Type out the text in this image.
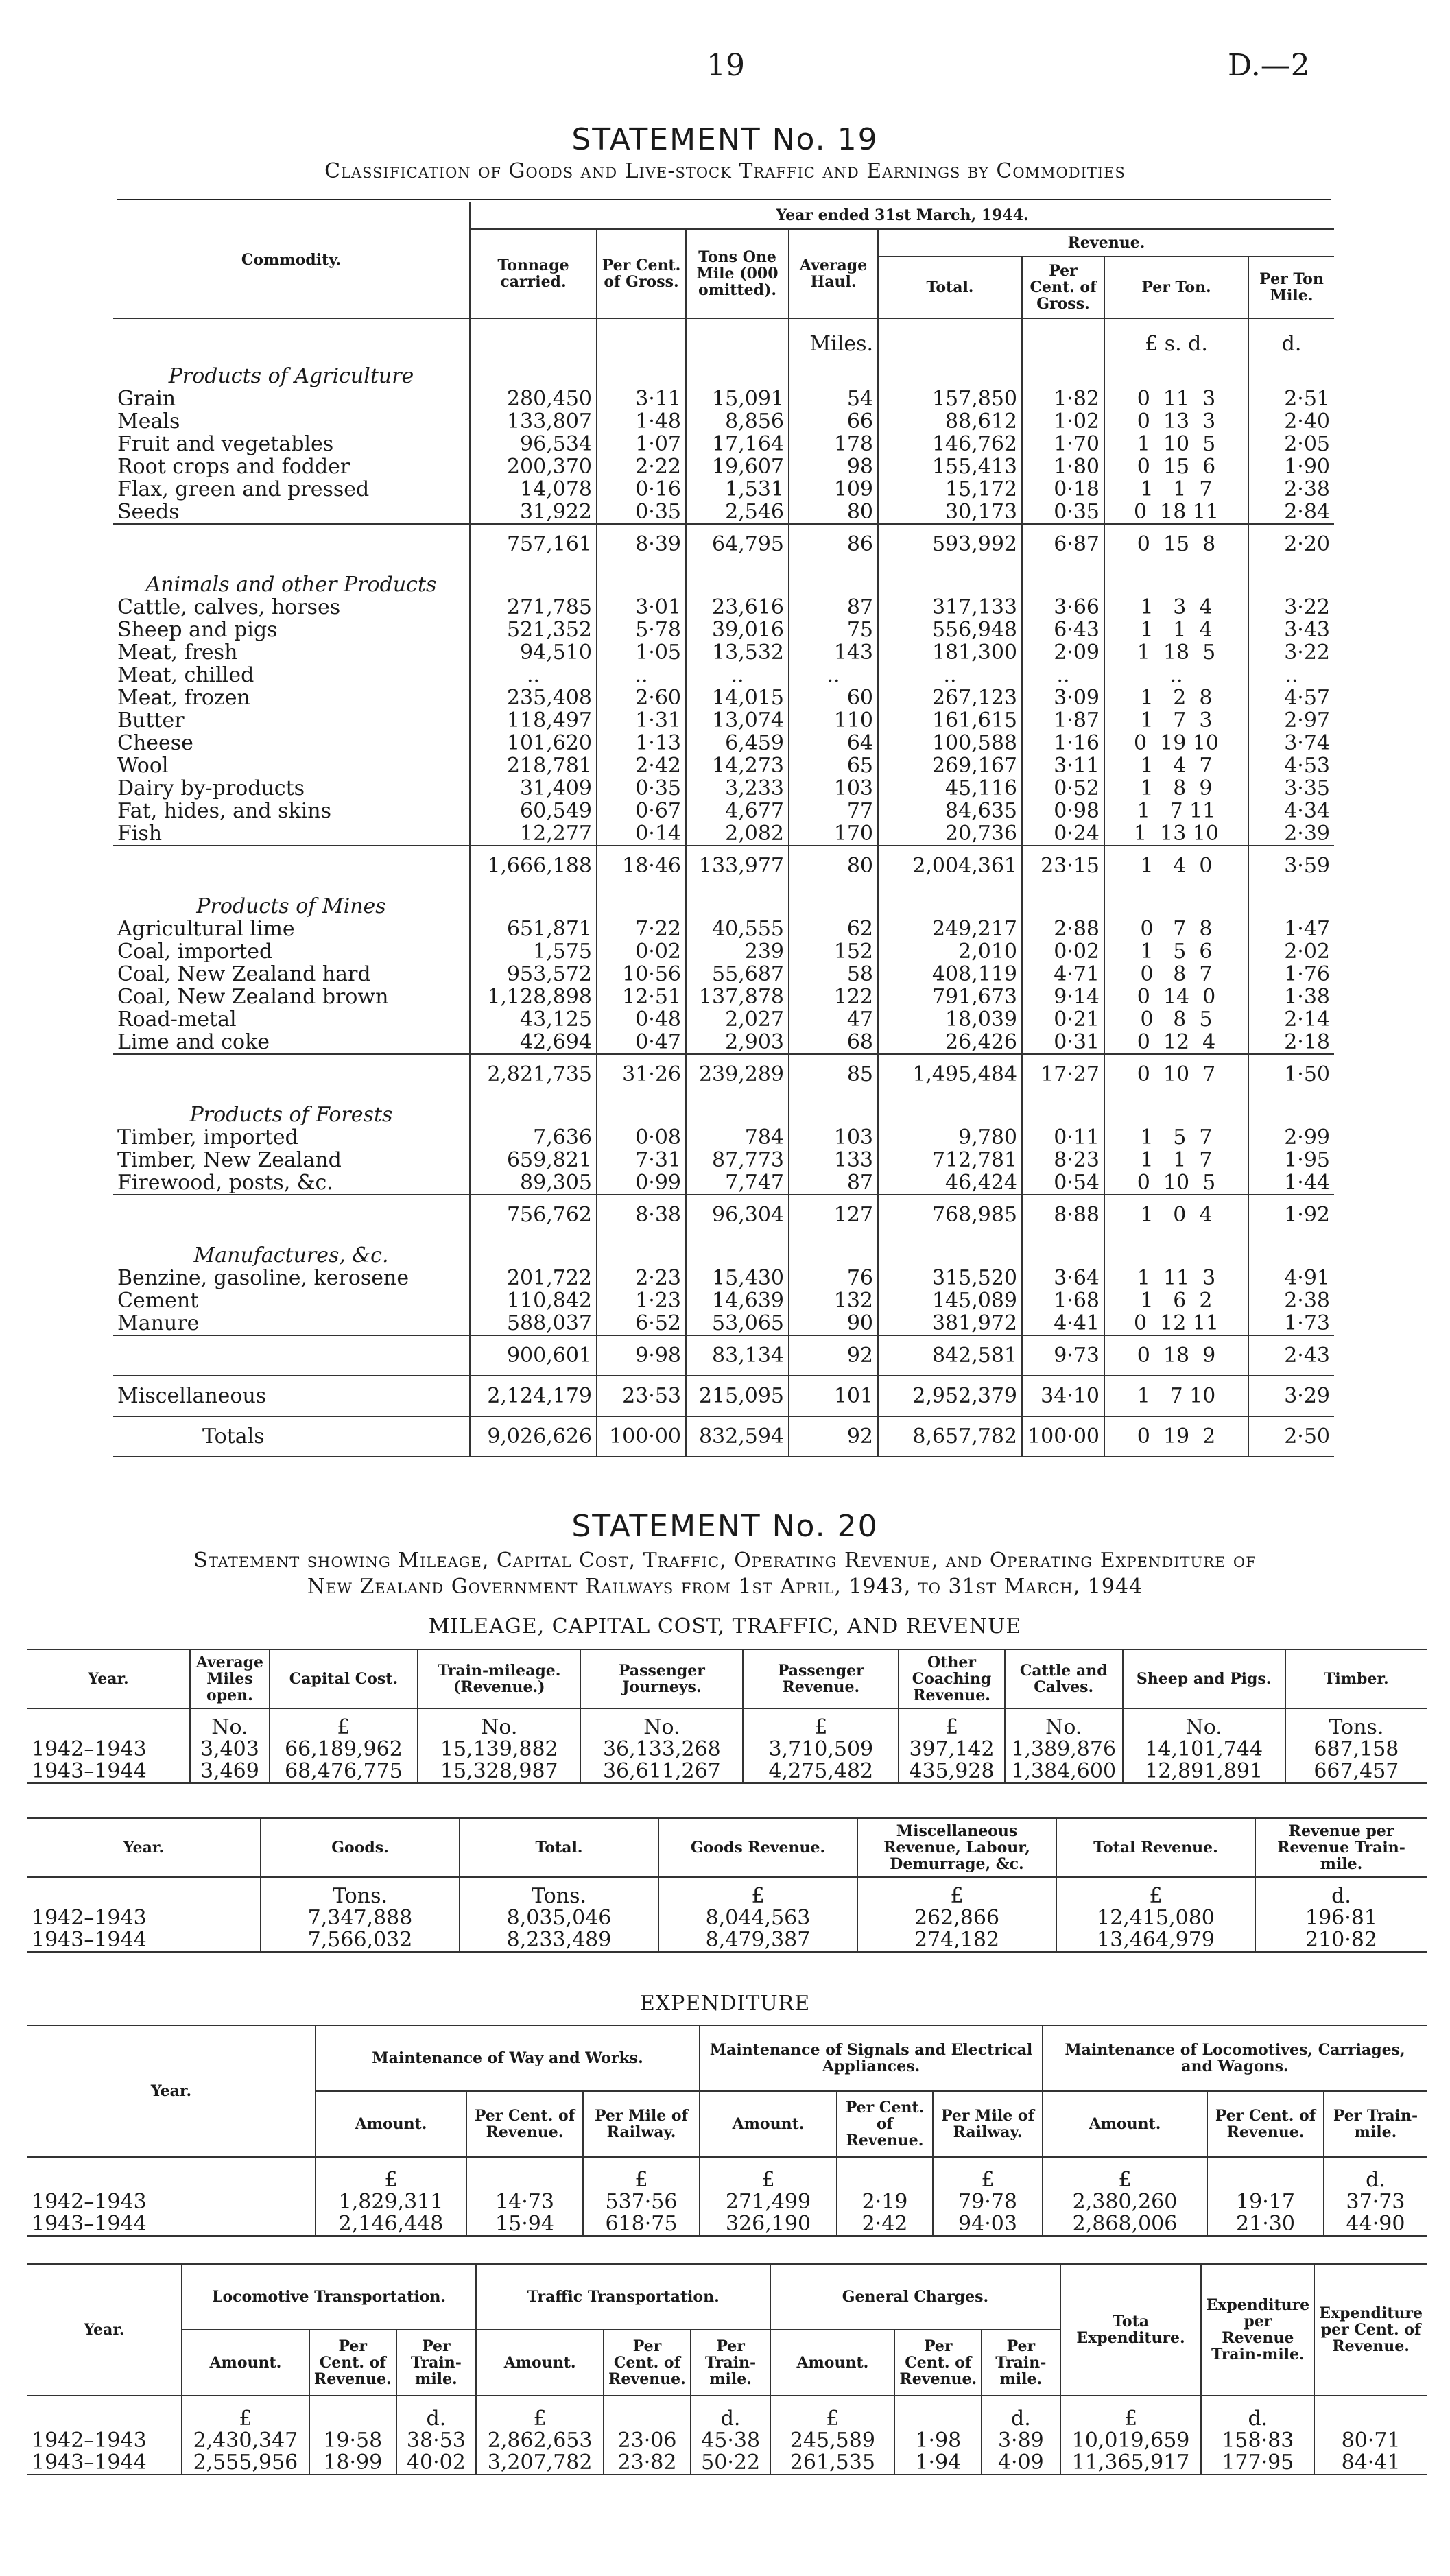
19	D.—2
STATEMENT No. 19
Classification of Goods and Live-stock Traffic and Earnings by Commodities
Commodity.	Year ended 31st March, 1944.							
	Tonnage carried.	Per Cent. of Gross.	Tons One Mile (000 omitted).	Average Haul.	Revenue.			
					Total.	Per Cent. of Gross.	Per Ton.	Per Ton Mile.
				Miles.			£ s. d.	d.
Products of Agriculture								
Grain	280,450	3·11	15,091	54	157,850	1·82	0  11  3	2·51
Meals	133,807	1·48	8,856	66	88,612	1·02	0  13  3	2·40
Fruit and vegetables	96,534	1·07	17,164	178	146,762	1·70	1  10  5	2·05
Root crops and fodder	200,370	2·22	19,607	98	155,413	1·80	0  15  6	1·90
Flax, green and pressed	14,078	0·16	1,531	109	15,172	0·18	1   1  7	2·38
Seeds	31,922	0·35	2,546	80	30,173	0·35	0  18 11	2·84
	757,161	8·39	64,795	86	593,992	6·87	0  15  8	2·20
Animals and other Products								
Cattle, calves, horses	271,785	3·01	23,616	87	317,133	3·66	1   3  4	3·22
Sheep and pigs	521,352	5·78	39,016	75	556,948	6·43	1   1  4	3·43
Meat, fresh	94,510	1·05	13,532	143	181,300	2·09	1  18  5	3·22
Meat, chilled	..	..	..	..	..	..	..	..
Meat, frozen	235,408	2·60	14,015	60	267,123	3·09	1   2  8	4·57
Butter	118,497	1·31	13,074	110	161,615	1·87	1   7  3	2·97
Cheese	101,620	1·13	6,459	64	100,588	1·16	0  19 10	3·74
Wool	218,781	2·42	14,273	65	269,167	3·11	1   4  7	4·53
Dairy by-products	31,409	0·35	3,233	103	45,116	0·52	1   8  9	3·35
Fat, hides, and skins	60,549	0·67	4,677	77	84,635	0·98	1   7 11	4·34
Fish	12,277	0·14	2,082	170	20,736	0·24	1  13 10	2·39
	1,666,188	18·46	133,977	80	2,004,361	23·15	1   4  0	3·59
Products of Mines								
Agricultural lime	651,871	7·22	40,555	62	249,217	2·88	0   7  8	1·47
Coal, imported	1,575	0·02	239	152	2,010	0·02	1   5  6	2·02
Coal, New Zealand hard	953,572	10·56	55,687	58	408,119	4·71	0   8  7	1·76
Coal, New Zealand brown	1,128,898	12·51	137,878	122	791,673	9·14	0  14  0	1·38
Road-metal	43,125	0·48	2,027	47	18,039	0·21	0   8  5	2·14
Lime and coke	42,694	0·47	2,903	68	26,426	0·31	0  12  4	2·18
	2,821,735	31·26	239,289	85	1,495,484	17·27	0  10  7	1·50
Products of Forests								
Timber, imported	7,636	0·08	784	103	9,780	0·11	1   5  7	2·99
Timber, New Zealand	659,821	7·31	87,773	133	712,781	8·23	1   1  7	1·95
Firewood, posts, &c.	89,305	0·99	7,747	87	46,424	0·54	0  10  5	1·44
	756,762	8·38	96,304	127	768,985	8·88	1   0  4	1·92
Manufactures, &c.								
Benzine, gasoline, kerosene	201,722	2·23	15,430	76	315,520	3·64	1  11  3	4·91
Cement	110,842	1·23	14,639	132	145,089	1·68	1   6  2	2·38
Manure	588,037	6·52	53,065	90	381,972	4·41	0  12 11	1·73
	900,601	9·98	83,134	92	842,581	9·73	0  18  9	2·43
Miscellaneous	2,124,179	23·53	215,095	101	2,952,379	34·10	1   7 10	3·29
Totals	9,026,626	100·00	832,594	92	8,657,782	100·00	0  19  2	2·50
STATEMENT No. 20
Statement showing Mileage, Capital Cost, Traffic, Operating Revenue, and Operating Expenditure of
New Zealand Government Railways from 1st April, 1943, to 31st March, 1944
MILEAGE, CAPITAL COST, TRAFFIC, AND REVENUE
Year.	Average Miles open.	Capital Cost.	Train-mileage. (Revenue.)	Passenger Journeys.	Passenger Revenue.	Other Coaching Revenue.	Cattle and Calves.	Sheep and Pigs.	Timber.
	No.	£	No.	No.	£	£	No.	No.	Tons.
1942–1943	3,403	66,189,962	15,139,882	36,133,268	3,710,509	397,142	1,389,876	14,101,744	687,158
1943–1944	3,469	68,476,775	15,328,987	36,611,267	4,275,482	435,928	1,384,600	12,891,891	667,457
Year.	Goods.	Total.	Goods Revenue.	Miscellaneous Revenue, Labour, Demurrage, &c.	Total Revenue.	Revenue per Revenue Train-mile.
	Tons.	Tons.	£	£	£	d.
1942–1943	7,347,888	8,035,046	8,044,563	262,866	12,415,080	196·81
1943–1944	7,566,032	8,233,489	8,479,387	274,182	13,464,979	210·82
EXPENDITURE
Year.	Maintenance of Way and Works.			Maintenance of Signals and Electrical Appliances.			Maintenance of Locomotives, Carriages, and Wagons.		
	Amount.	Per Cent. of Revenue.	Per Mile of Railway.	Amount.	Per Cent. of Revenue.	Per Mile of Railway.	Amount.	Per Cent. of Revenue.	Per Train-mile.
	£		£	£		£	£		d.
1942–1943	1,829,311	14·73	537·56	271,499	2·19	79·78	2,380,260	19·17	37·73
1943–1944	2,146,448	15·94	618·75	326,190	2·42	94·03	2,868,006	21·30	44·90
Year.	Locomotive Transportation.			Traffic Transportation.			General Charges.			Tota Expenditure.	Expenditure per Revenue Train-mile.	Expenditure per Cent. of Revenue.
	Amount.	Per Cent. of Revenue.	Per Train-mile.	Amount.	Per Cent. of Revenue.	Per Train-mile.	Amount.	Per Cent. of Revenue.	Per Train-mile.			
	£		d.	£		d.	£		d.	£	d.	
1942–1943	2,430,347	19·58	38·53	2,862,653	23·06	45·38	245,589	1·98	3·89	10,019,659	158·83	80·71
1943–1944	2,555,956	18·99	40·02	3,207,782	23·82	50·22	261,535	1·94	4·09	11,365,917	177·95	84·41
